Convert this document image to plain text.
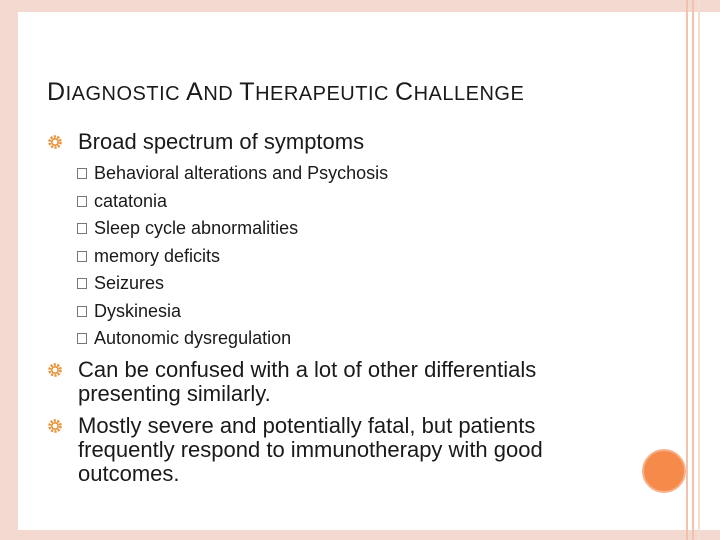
DIAGNOSTIC AND THERAPEUTIC CHALLENGE
Broad spectrum of symptoms
Behavioral alterations and Psychosis
catatonia
Sleep cycle abnormalities
memory deficits
Seizures
Dyskinesia
Autonomic dysregulation
Can be confused with a lot of other differentials presenting similarly.
Mostly severe and potentially fatal, but patients frequently respond to immunotherapy with good outcomes.
